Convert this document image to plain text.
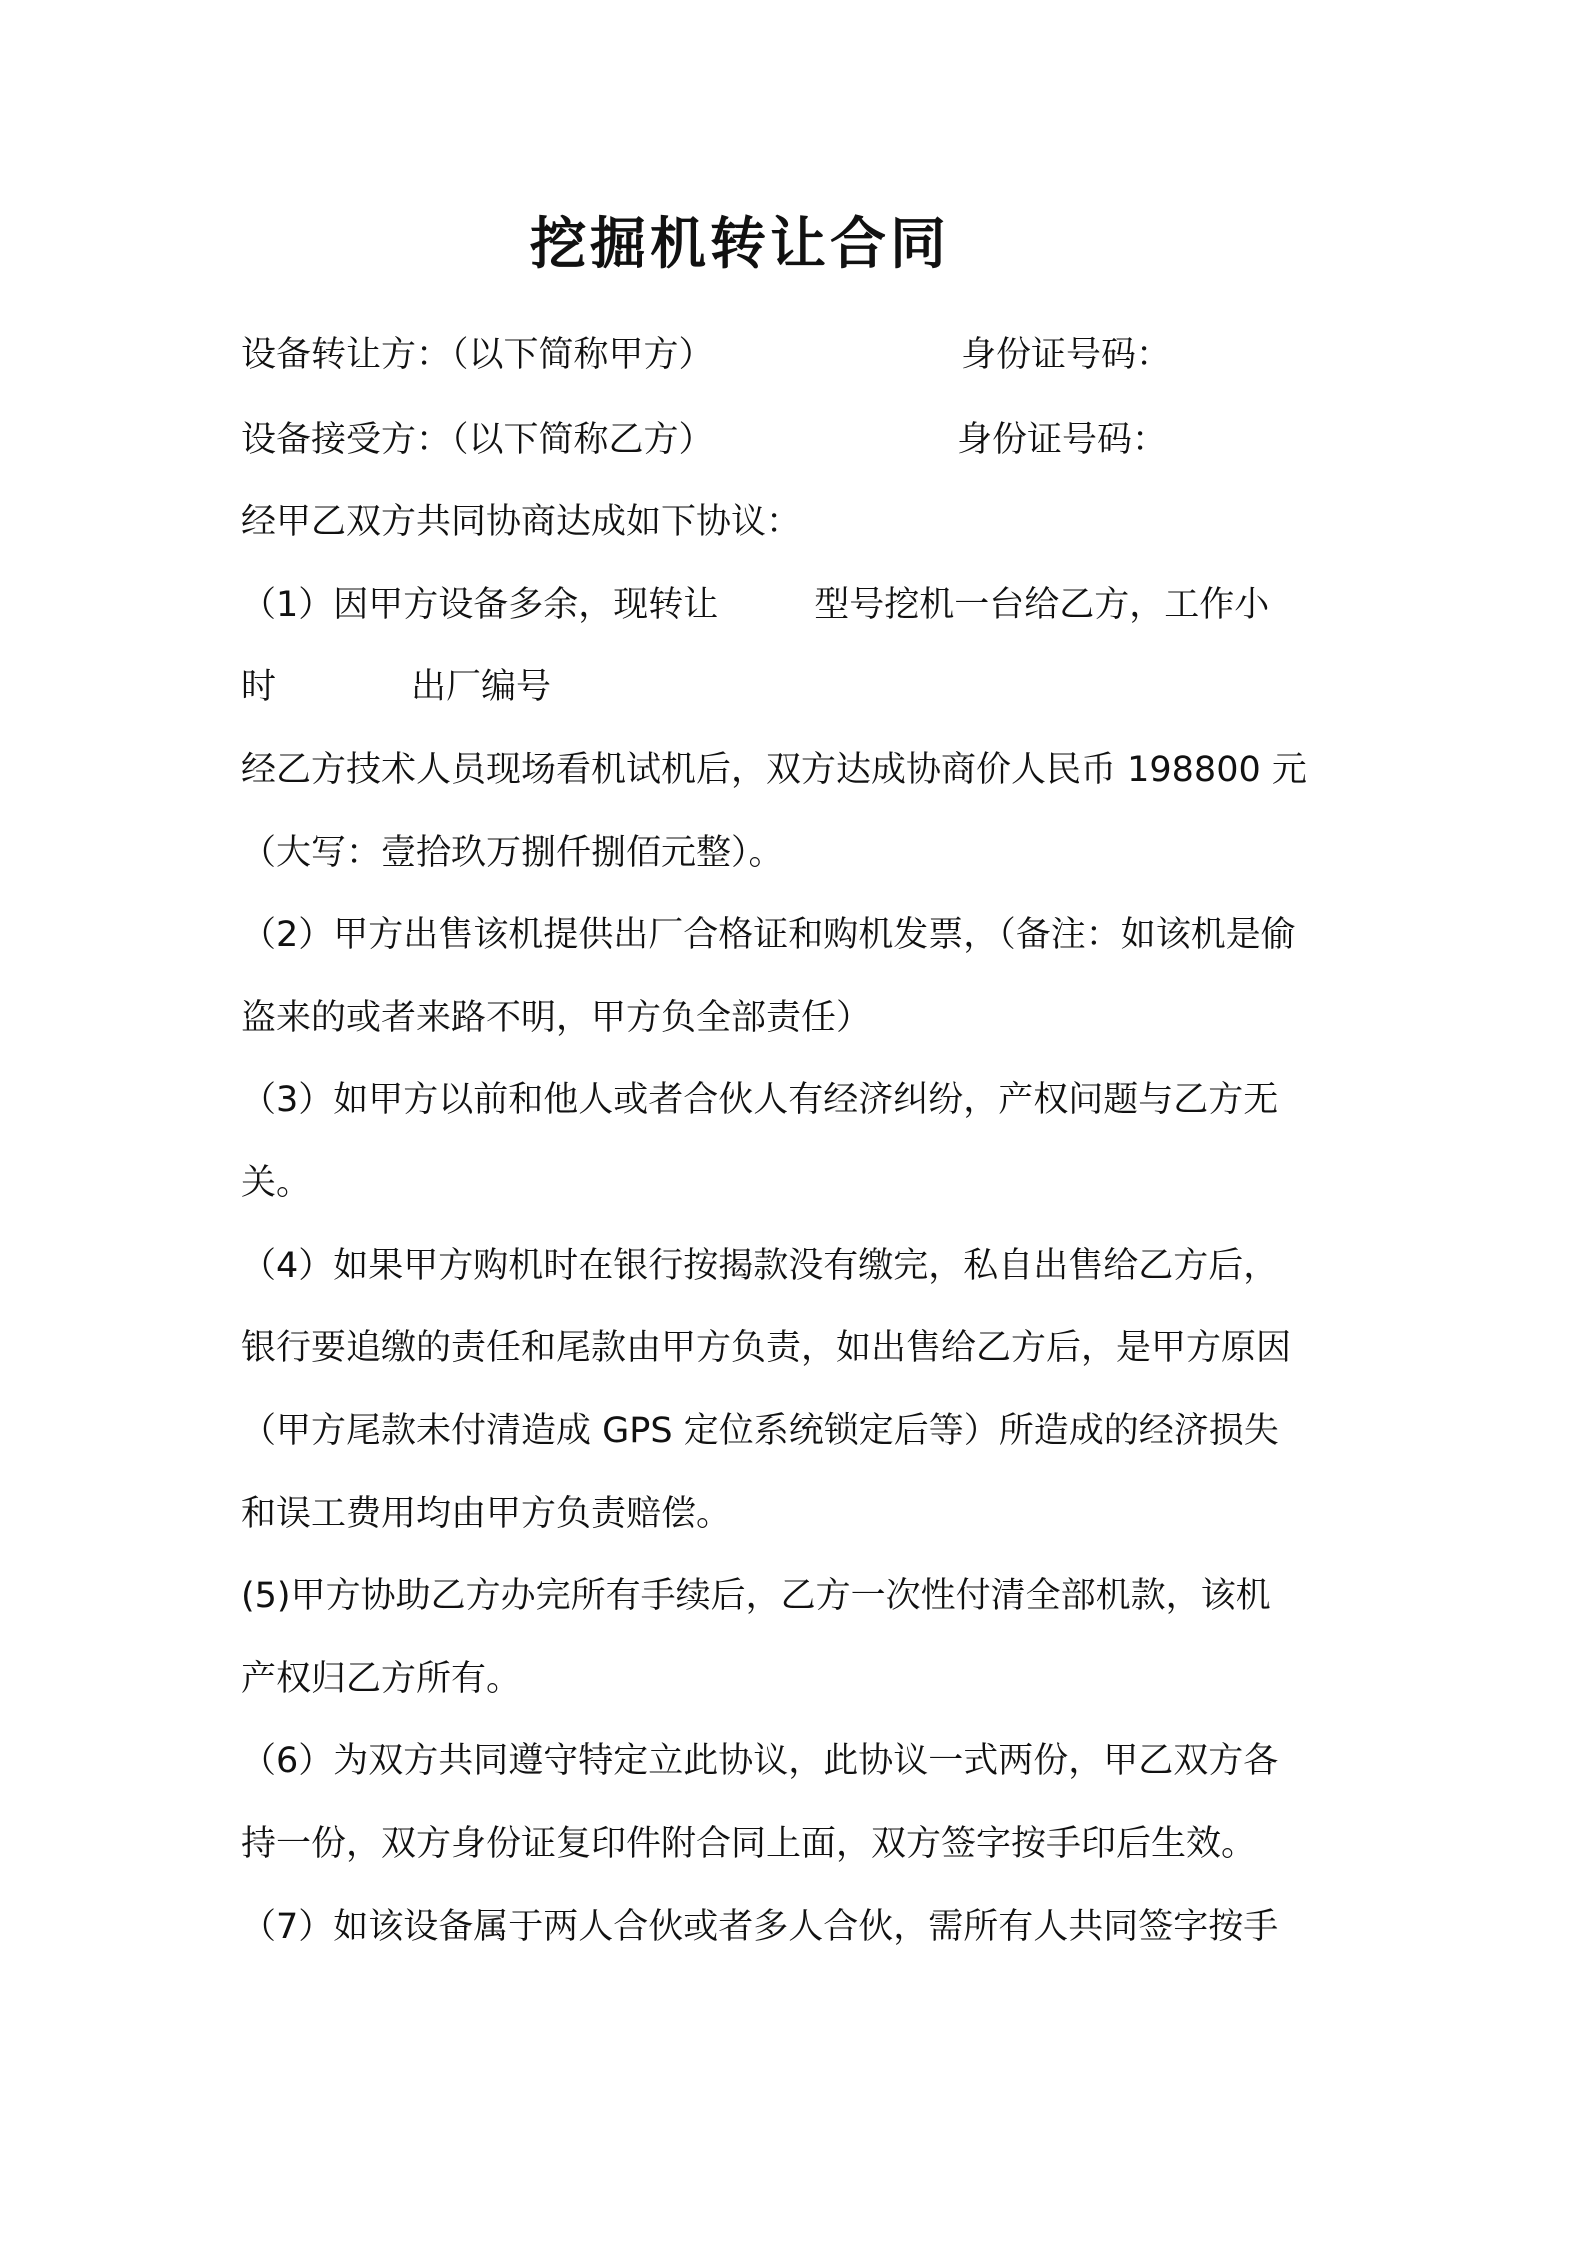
挖掘机转让合同
设备转让方：（以下简称甲方）	身份证号码：
设备接受方：（以下简称乙方）	身份证号码：
经甲乙双方共同协商达成如下协议：
（1）因甲方设备多余，现转让	型号挖机一台给乙方，工作小
时	出厂编号
经乙方技术人员现场看机试机后，双方达成协商价人民币 198800 元
（大写：壹拾玖万捌仟捌佰元整）。
（2）甲方出售该机提供出厂合格证和购机发票，（备注：如该机是偷
盗来的或者来路不明，甲方负全部责任）
（3）如甲方以前和他人或者合伙人有经济纠纷，产权问题与乙方无
关。
（4）如果甲方购机时在银行按揭款没有缴完，私自出售给乙方后，
银行要追缴的责任和尾款由甲方负责，如出售给乙方后，是甲方原因
（甲方尾款未付清造成 GPS 定位系统锁定后等）所造成的经济损失
和误工费用均由甲方负责赔偿。
(5)甲方协助乙方办完所有手续后，乙方一次性付清全部机款，该机
产权归乙方所有。
（6）为双方共同遵守特定立此协议，此协议一式两份，甲乙双方各
持一份，双方身份证复印件附合同上面，双方签字按手印后生效。
（7）如该设备属于两人合伙或者多人合伙，需所有人共同签字按手
